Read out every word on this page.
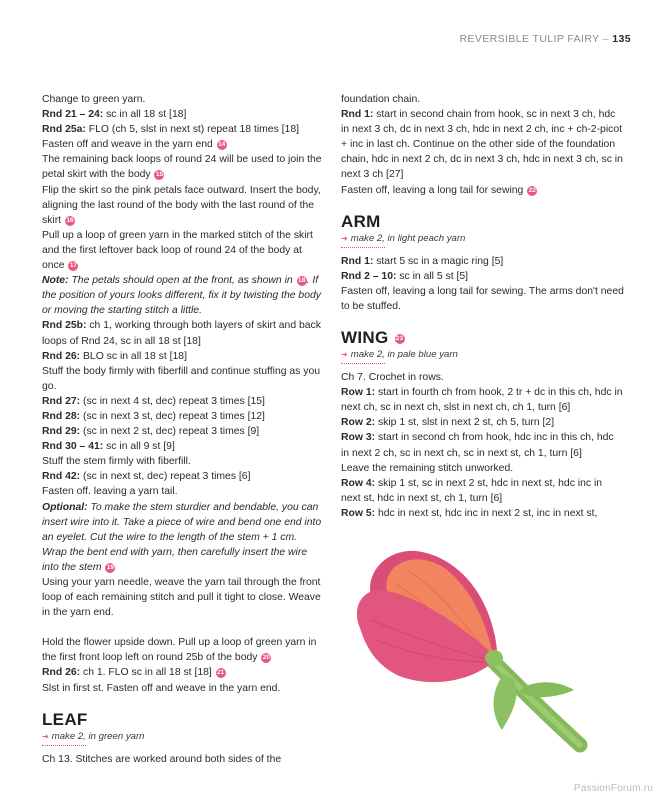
REVERSIBLE TULIP FAIRY – 135

Change to green yarn.

Rnd 21 – 24: sc in all 18 st [18]

Rnd 25a: FLO (ch 5, slst in next st) repeat 18 times [18]

Fasten off and weave in the yarn end 14

The remaining back loops of round 24 will be used to join the petal skirt with the body 15

Flip the skirt so the pink petals face outward. Insert the body, aligning the last round of the body with the last round of the skirt 16

Pull up a loop of green yarn in the marked stitch of the skirt and the first leftover back loop of round 24 of the body at once 17

Note: The petals should open at the front, as shown in 18. If the position of yours looks different, fix it by twisting the body or moving the starting stitch a little.

Rnd 25b: ch 1, working through both layers of skirt and back loops of Rnd 24, sc in all 18 st [18]

Rnd 26: BLO sc in all 18 st [18]

Stuff the body firmly with fiberfill and continue stuffing as you go.

Rnd 27: (sc in next 4 st, dec) repeat 3 times [15]

Rnd 28: (sc in next 3 st, dec) repeat 3 times [12]

Rnd 29: (sc in next 2 st, dec) repeat 3 times [9]

Rnd 30 – 41: sc in all 9 st [9]

Stuff the stem firmly with fiberfill.

Rnd 42: (sc in next st, dec) repeat 3 times [6]

Fasten off. leaving a yarn tail.

Optional: To make the stem sturdier and bendable, you can insert wire into it. Take a piece of wire and bend one end into an eyelet. Cut the wire to the length of the stem + 1 cm. Wrap the bent end with yarn, then carefully insert the wire into the stem 19

Using your yarn needle, weave the yarn tail through the front loop of each remaining stitch and pull it tight to close. Weave in the yarn end.

Hold the flower upside down. Pull up a loop of green yarn in the first front loop left on round 25b of the body 20

Rnd 26: ch 1. FLO sc in all 18 st [18] 21

Slst in first st. Fasten off and weave in the yarn end.

LEAF
➜ make 2, in green yarn

Ch 13. Stitches are worked around both sides of the

foundation chain.

Rnd 1: start in second chain from hook, sc in next 3 ch, hdc in next 3 ch, dc in next 3 ch, hdc in next 2 ch, inc + ch-2-picot + inc in last ch. Continue on the other side of the foundation chain, hdc in next 2 ch, dc in next 3 ch, hdc in next 3 ch, sc in next 3 ch [27]

Fasten off, leaving a long tail for sewing 22

ARM
➜ make 2, in light peach yarn

Rnd 1: start 5 sc in a magic ring [5]

Rnd 2 – 10: sc in all 5 st [5]

Fasten off, leaving a long tail for sewing. The arms don't need to be stuffed.

WING 23
➜ make 2, in pale blue yarn

Ch 7. Crochet in rows.

Row 1: start in fourth ch from hook, 2 tr + dc in this ch, hdc in next ch, sc in next ch, slst in next ch, ch 1, turn [6]

Row 2: skip 1 st, slst in next 2 st, ch 5, turn [2]

Row 3: start in second ch from hook, hdc inc in this ch, hdc in next 2 ch, sc in next ch, sc in next st, ch 1, turn [6]

Leave the remaining stitch unworked.

Row 4: skip 1 st, sc in next 2 st, hdc in next st, hdc inc in next st, hdc in next st, ch 1, turn [6]

Row 5: hdc in next st, hdc inc in next 2 st, inc in next st,

PassionForum.ru
